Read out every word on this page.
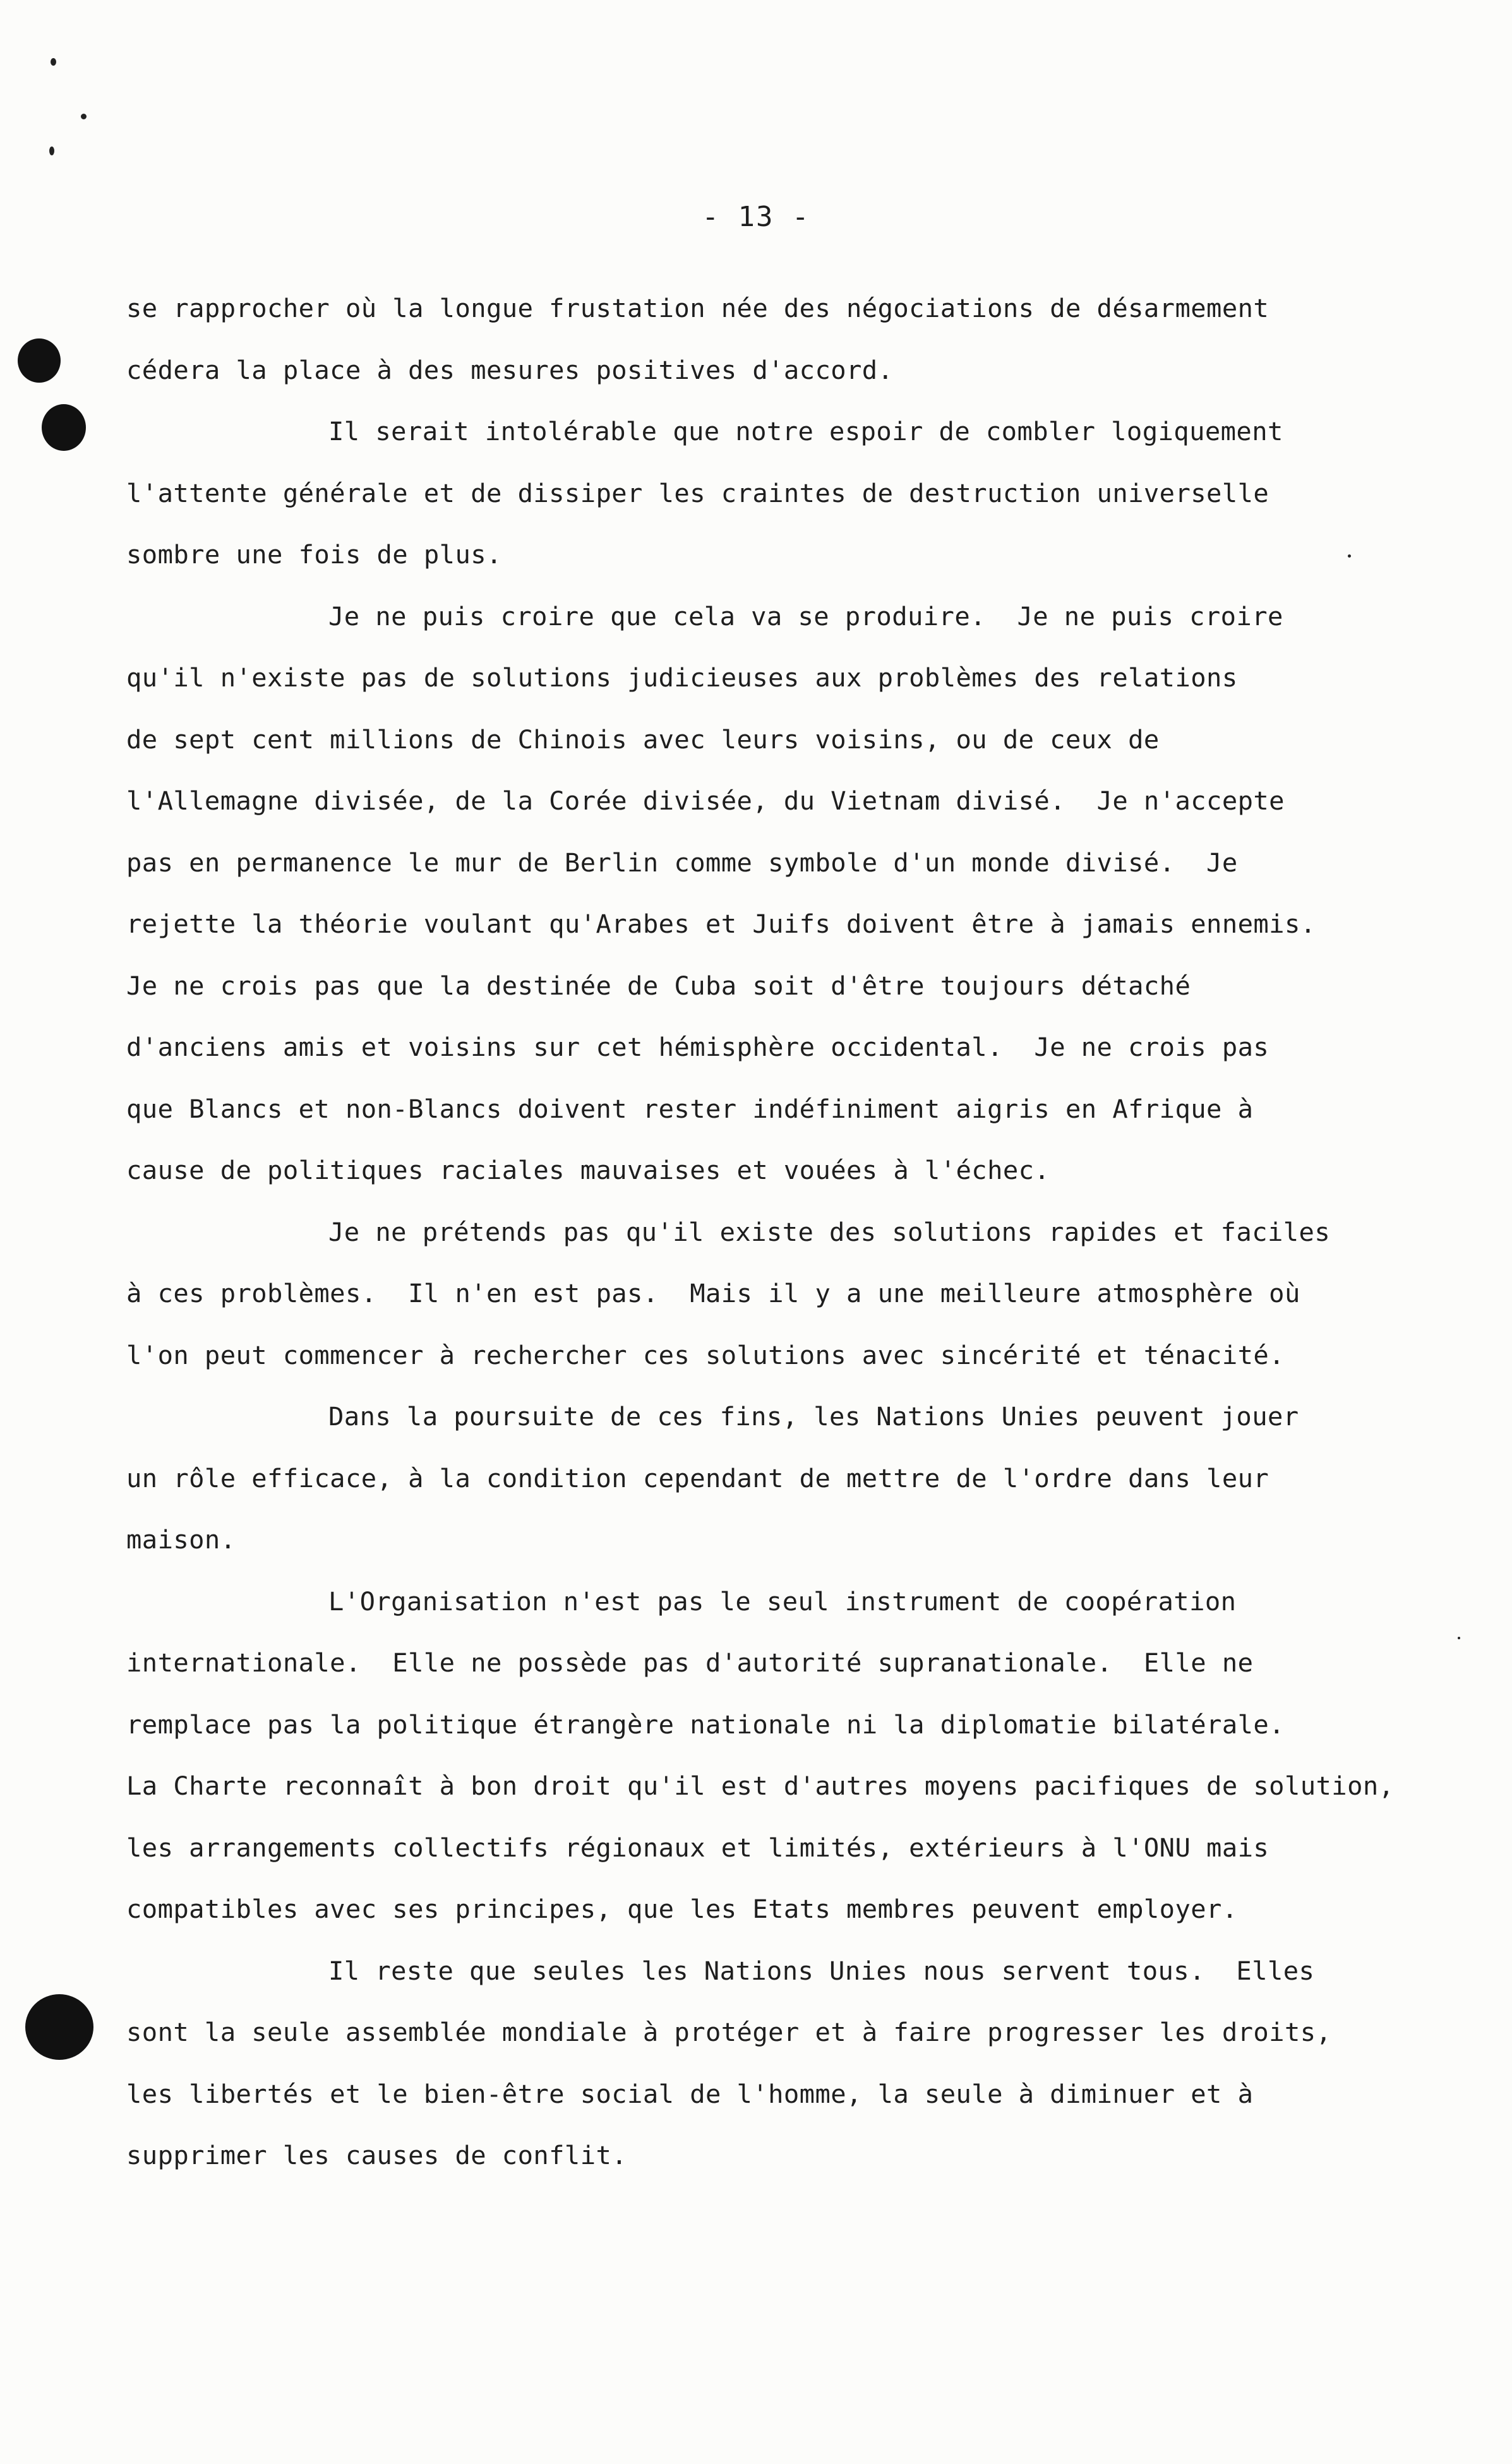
- 13 -

se rapprocher où la longue frustation née des négociations de désarmement
cédera la place à des mesures positives d'accord.

Il serait intolérable que notre espoir de combler logiquement
l'attente générale et de dissiper les craintes de destruction universelle
sombre une fois de plus.

Je ne puis croire que cela va se produire.  Je ne puis croire
qu'il n'existe pas de solutions judicieuses aux problèmes des relations
de sept cent millions de Chinois avec leurs voisins, ou de ceux de
l'Allemagne divisée, de la Corée divisée, du Vietnam divisé.  Je n'accepte
pas en permanence le mur de Berlin comme symbole d'un monde divisé.  Je
rejette la théorie voulant qu'Arabes et Juifs doivent être à jamais ennemis.
Je ne crois pas que la destinée de Cuba soit d'être toujours détaché
d'anciens amis et voisins sur cet hémisphère occidental.  Je ne crois pas
que Blancs et non-Blancs doivent rester indéfiniment aigris en Afrique à
cause de politiques raciales mauvaises et vouées à l'échec.

Je ne prétends pas qu'il existe des solutions rapides et faciles
à ces problèmes.  Il n'en est pas.  Mais il y a une meilleure atmosphère où
l'on peut commencer à rechercher ces solutions avec sincérité et ténacité.

Dans la poursuite de ces fins, les Nations Unies peuvent jouer
un rôle efficace, à la condition cependant de mettre de l'ordre dans leur
maison.

L'Organisation n'est pas le seul instrument de coopération
internationale.  Elle ne possède pas d'autorité supranationale.  Elle ne
remplace pas la politique étrangère nationale ni la diplomatie bilatérale.
La Charte reconnaît à bon droit qu'il est d'autres moyens pacifiques de solution,
les arrangements collectifs régionaux et limités, extérieurs à l'ONU mais
compatibles avec ses principes, que les Etats membres peuvent employer.

Il reste que seules les Nations Unies nous servent tous.  Elles
sont la seule assemblée mondiale à protéger et à faire progresser les droits,
les libertés et le bien-être social de l'homme, la seule à diminuer et à
supprimer les causes de conflit.
